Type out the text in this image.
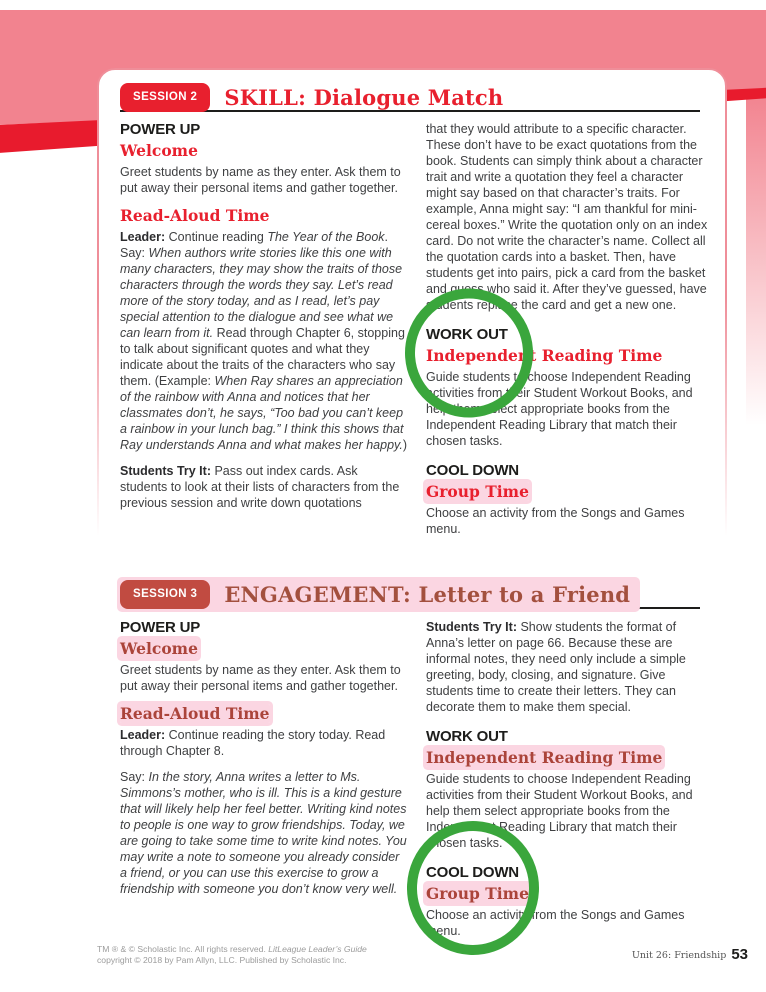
SESSION 2 SKILL: Dialogue Match
POWER UP
Welcome

Greet students by name as they enter. Ask them to put away their personal items and gather together.

Read-Aloud Time

Leader: Continue reading The Year of the Book. Say: When authors write stories like this one with many characters, they may show the traits of those characters through the words they say. Let’s read more of the story today, and as I read, let’s pay special attention to the dialogue and see what we can learn from it. Read through Chapter 6, stopping to talk about significant quotes and what they indicate about the traits of the characters who say them. (Example: When Ray shares an appreciation of the rainbow with Anna and notices that her classmates don’t, he says, “Too bad you can’t keep a rainbow in your lunch bag.” I think this shows that Ray understands Anna and what makes her happy.)

Students Try It: Pass out index cards. Ask students to look at their lists of characters from the previous session and write down quotations

that they would attribute to a specific character. These don’t have to be exact quotations from the book. Students can simply think about a character trait and write a quotation they feel a character might say based on that character’s traits. For example, Anna might say: “I am thankful for mini-cereal boxes.” Write the quotation only on an index card. Do not write the character’s name. Collect all the quotation cards into a basket. Then, have students get into pairs, pick a card from the basket and guess who said it. After they’ve guessed, have students replace the card and get a new one.

WORK OUT
Independent Reading Time

Guide students to choose Independent Reading activities from their Student Workout Books, and help them select appropriate books from the Independent Reading Library that match their chosen tasks.

COOL DOWN
Group Time

Choose an activity from the Songs and Games menu.

SESSION 3 ENGAGEMENT: Letter to a Friend
POWER UP
Welcome

Greet students by name as they enter. Ask them to put away their personal items and gather together.

Read-Aloud Time

Leader: Continue reading the story today. Read through Chapter 8.

Say: In the story, Anna writes a letter to Ms. Simmons’s mother, who is ill. This is a kind gesture that will likely help her feel better. Writing kind notes to people is one way to grow friendships. Today, we are going to take some time to write kind notes. You may write a note to someone you already consider a friend, or you can use this exercise to grow a friendship with someone you don’t know very well.

Students Try It: Show students the format of Anna’s letter on page 66. Because these are informal notes, they need only include a simple greeting, body, closing, and signature. Give students time to create their letters. They can decorate them to make them special.

WORK OUT
Independent Reading Time

Guide students to choose Independent Reading activities from their Student Workout Books, and help them select appropriate books from the Independent Reading Library that match their chosen tasks.

COOL DOWN
Group Time

Choose an activity from the Songs and Games menu.

TM ® & © Scholastic Inc. All rights reserved. LitLeague Leader’s Guide
copyright © 2018 by Pam Allyn, LLC. Published by Scholastic Inc.	Unit 26: Friendship 53
